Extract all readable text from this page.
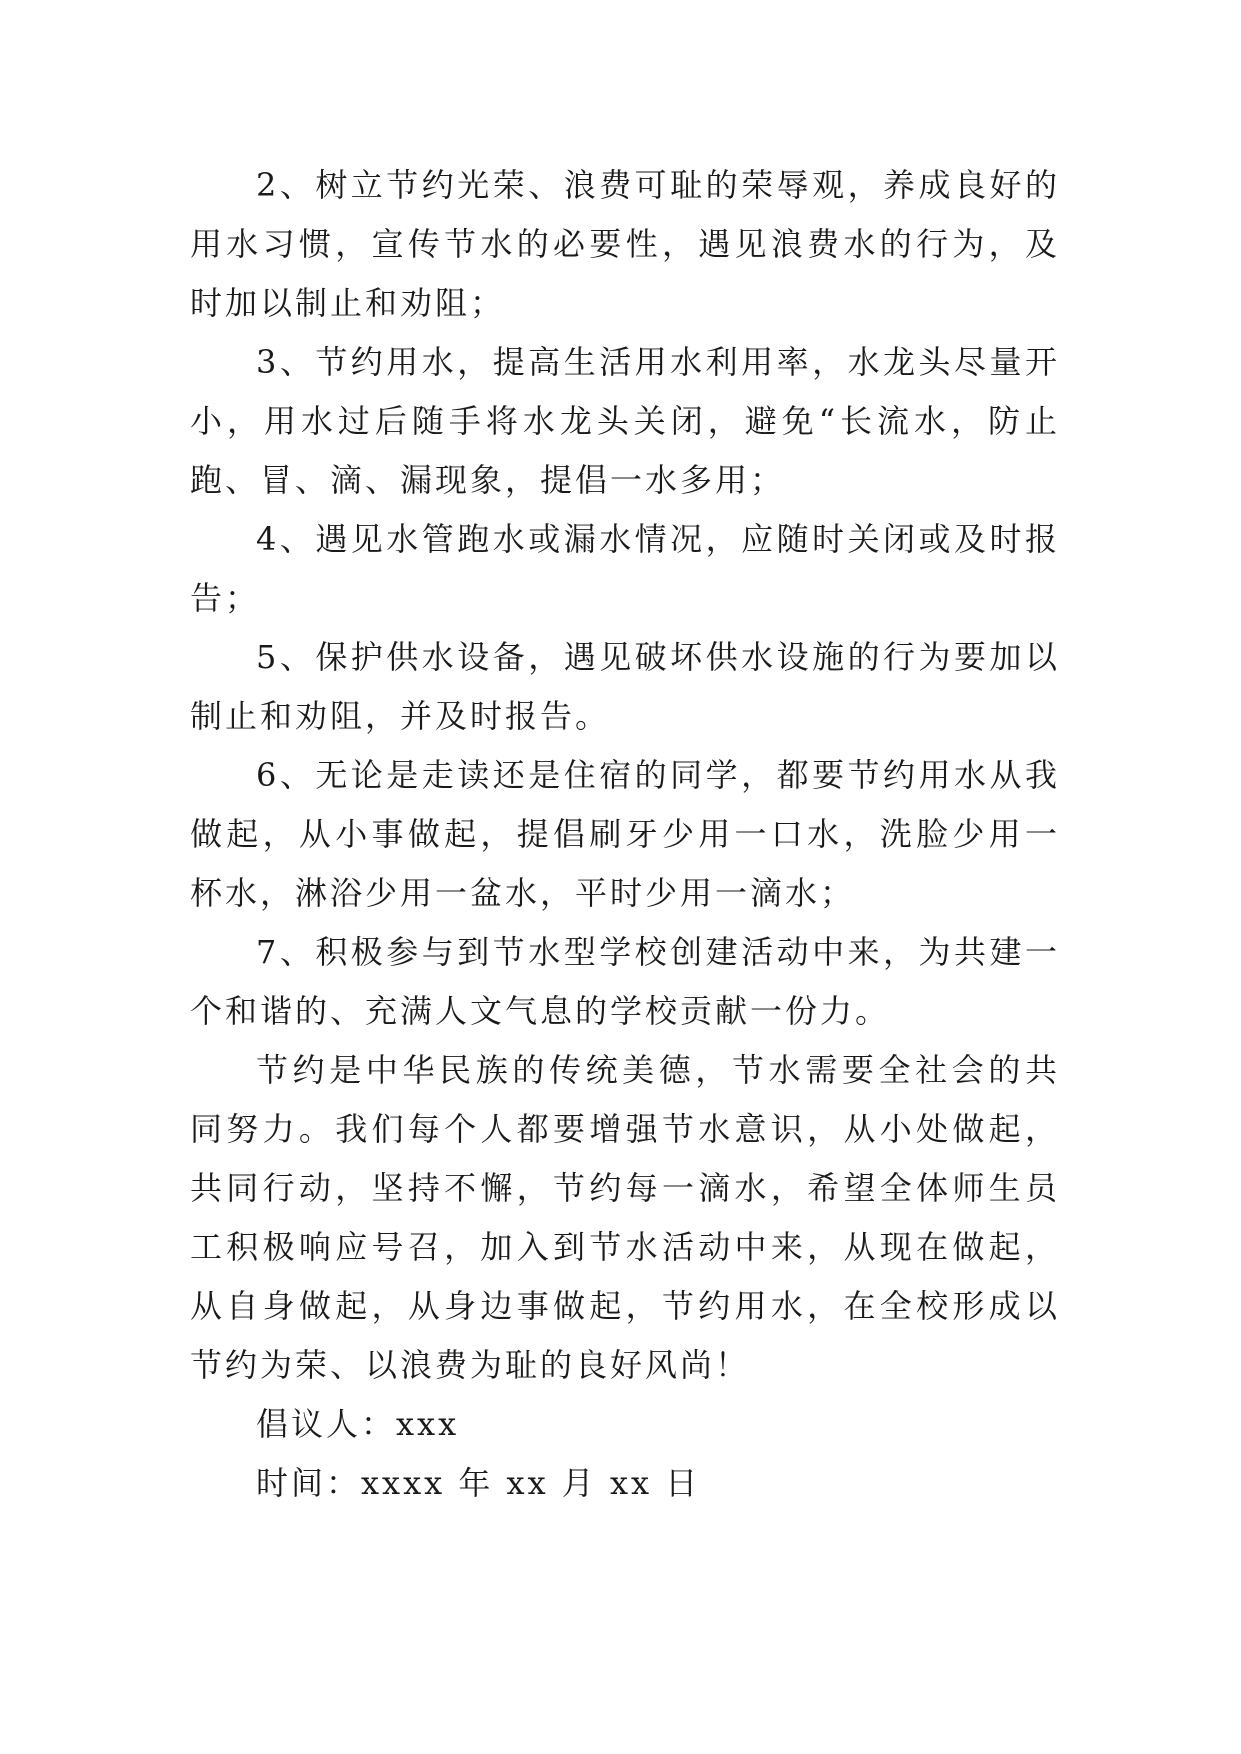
2、树立节约光荣、浪费可耻的荣辱观，养成良好的用水习惯，宣传节水的必要性，遇见浪费水的行为，及时加以制止和劝阻；

3、节约用水，提高生活用水利用率，水龙头尽量开小，用水过后随手将水龙头关闭，避免“长流水，防止跑、冒、滴、漏现象，提倡一水多用；

4、遇见水管跑水或漏水情况，应随时关闭或及时报告；

5、保护供水设备，遇见破坏供水设施的行为要加以制止和劝阻，并及时报告。

6、无论是走读还是住宿的同学，都要节约用水从我做起，从小事做起，提倡刷牙少用一口水，洗脸少用一杯水，淋浴少用一盆水，平时少用一滴水；

7、积极参与到节水型学校创建活动中来，为共建一个和谐的、充满人文气息的学校贡献一份力。

节约是中华民族的传统美德，节水需要全社会的共同努力。我们每个人都要增强节水意识，从小处做起，共同行动，坚持不懈，节约每一滴水，希望全体师生员工积极响应号召，加入到节水活动中来，从现在做起，从自身做起，从身边事做起，节约用水，在全校形成以节约为荣、以浪费为耻的良好风尚！

倡议人：xxx

时间：xxxx 年 xx 月 xx 日
